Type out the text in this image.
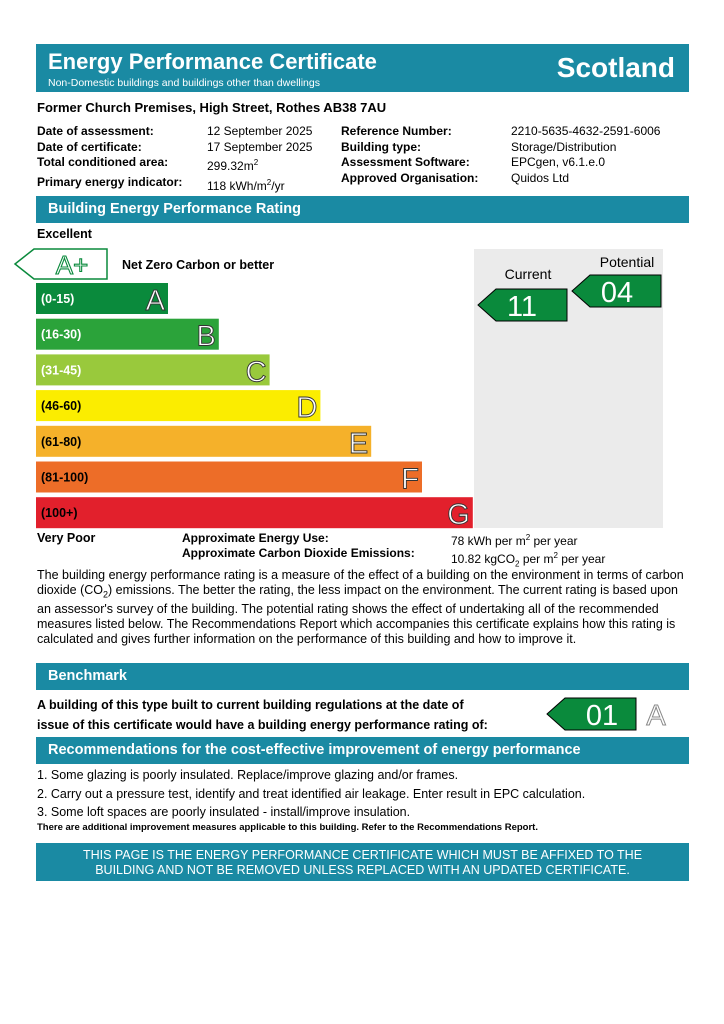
Energy Performance Certificate
Non-Domestic buildings and buildings other than dwellings	Scotland
Former Church Premises, High Street, Rothes AB38 7AU
Date of assessment:	12 September 2025
Date of certificate:	17 September 2025
Total conditioned area:	$299.32m^2$
Primary energy indicator:	118 kWh/$m^2/yr$
Reference Number:	2210-5635-4632-2591-6006
Building type:	Storage/Distribution
Assessment Software:	EPCgen, v6.1.e.0
Approved Organisation:	Quidos Ltd
Building Energy Performance Rating
Excellent
A+	Net Zero Carbon or better
(0-15) A
(16-30)	B
(31-45)	C
(46-60)	D
(61-80)	E
(81-100)	F
(100+)	G
Current
11
Potential
04
Very Poor	Approximate Energy Use:
Approximate Carbon Dioxide Emissions:
78 kWh per $m^2$ per year
10.82 kgCO$_2$ per $m^2$ per year
The building energy performance rating is a measure of the effect of a building on the environment in terms of carbon dioxide $(CO_2)$ emissions. The better the rating, the less impact on the environment. The current rating is based upon an assessor's survey of the building. The potential rating shows the effect of undertaking all of the recommended measures listed below. The Recommendations Report which accompanies this certificate explains how this rating is calculated and gives further information on the performance of this building and how to improve it.
Benchmark
A building of this type built to current building regulations at the date of
issue of this certificate would have a building energy performance rating of:	01 A
Recommendations for the cost-effective improvement of energy performance
1. Some glazing is poorly insulated. Replace/improve glazing and/or frames.
2. Carry out a pressure test, identify and treat identified air leakage. Enter result in EPC calculation.
3. Some loft spaces are poorly insulated - install/improve insulation.
There are additional improvement measures applicable to this building. Refer to the Recommendations Report.
THIS PAGE IS THE ENERGY PERFORMANCE CERTIFICATE WHICH MUST BE AFFIXED TO THE
BUILDING AND NOT BE REMOVED UNLESS REPLACED WITH AN UPDATED CERTIFICATE.
